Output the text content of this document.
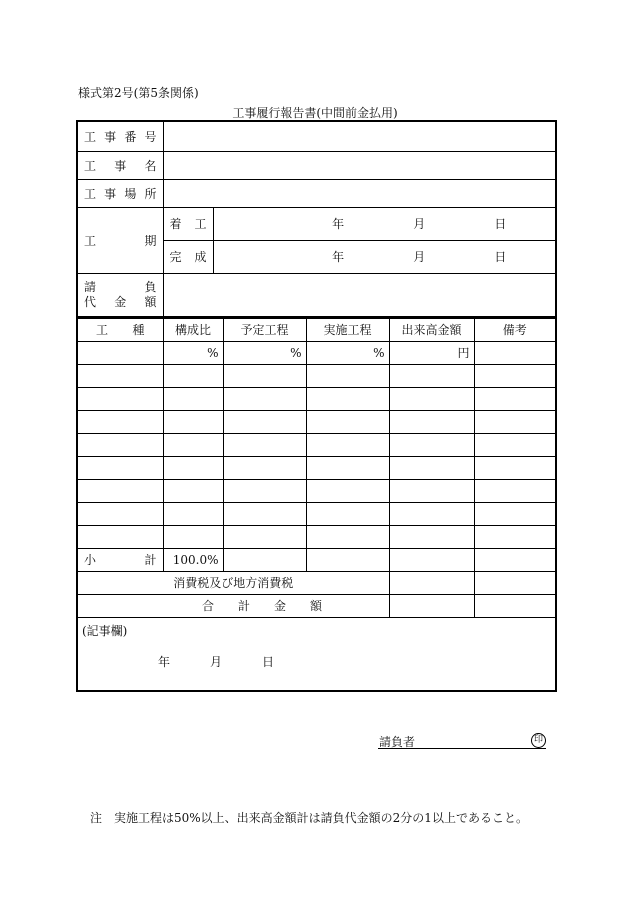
様式第2号(第5条関係)
工事履行報告書(中間前金払用)
工 事 番 号		

工 事 名		

工 事 場 所		

工 期	着 工	年 月 日

	完 成	年 月 日

請 負
代 金 額		

工 種	構成比	予定工程	実施工程	出来高金額	備考
	%	%	%	円	

小 計	100.0%				
消費税及び地方消費税					

合 計 金 額					

(記事欄)
年 月 日					
請負者	印
注　実施工程は50%以上、出来高金額計は請負代金額の2分の1以上であること。
